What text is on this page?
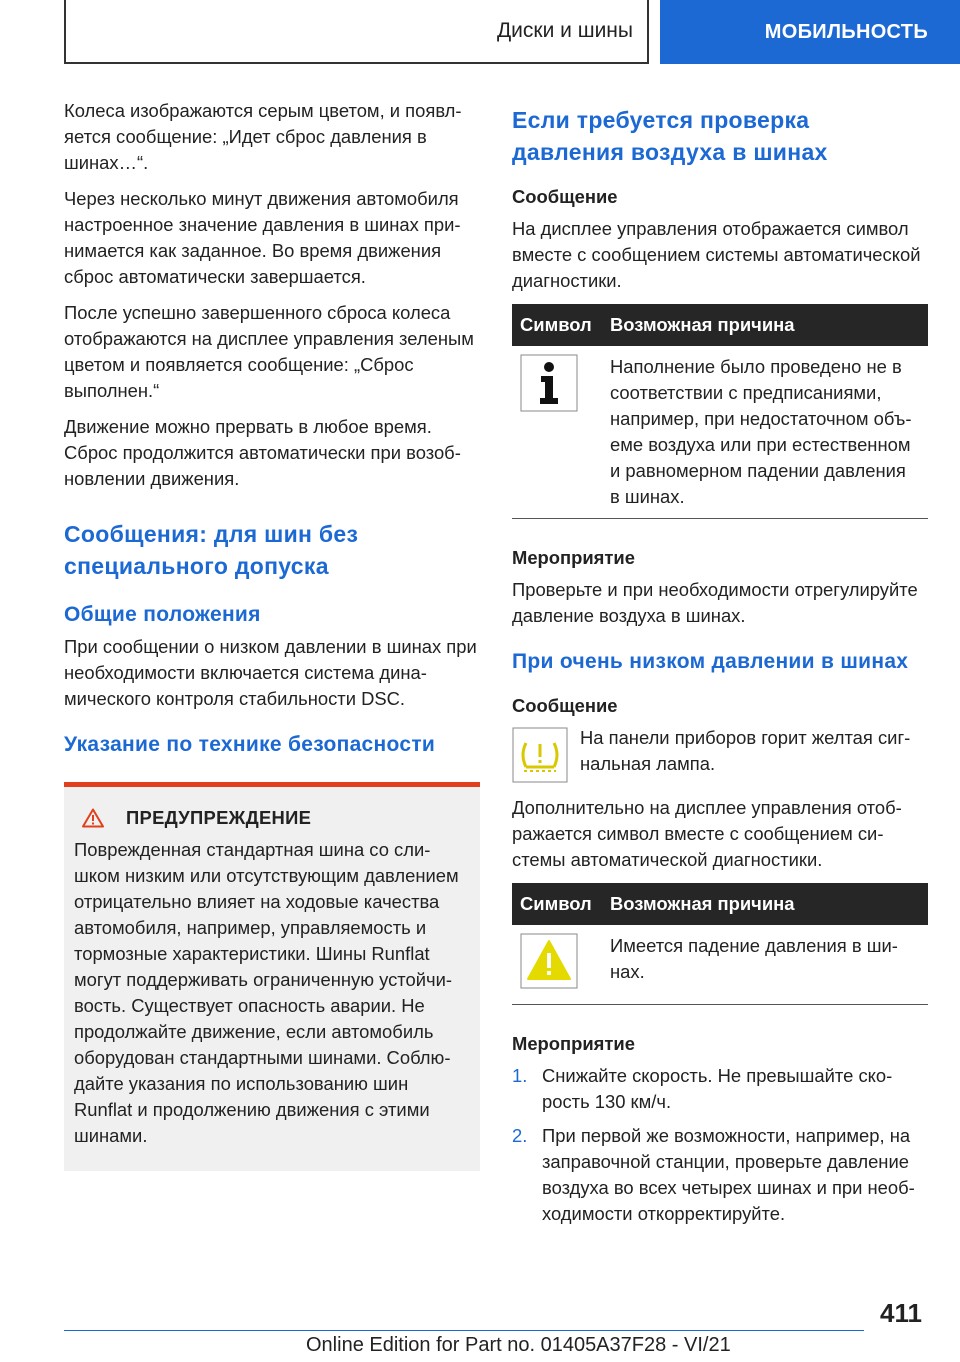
Диски и шины	МОБИЛЬНОСТЬ

Колеса изображаются серым цветом, и появляется сообщение: „Идет сброс давления в шинах…“.

Через несколько минут движения автомобиля настроенное значение давления в шинах принимается как заданное. Во время движения сброс автоматически завершается.

После успешно завершенного сброса колеса отображаются на дисплее управления зеленым цветом и появляется сообщение: „Сброс выполнен.“

Движение можно прервать в любое время. Сброс продолжится автоматически при возобновлении движения.

Сообщения: для шин без специального допуска
Общие положения

При сообщении о низком давлении в шинах при необходимости включается система динамического контроля стабильности DSC.

Указание по технике безопасности
ПРЕДУПРЕЖДЕНИЕ

Поврежденная стандартная шина со слишком низким или отсутствующим давлением отрицательно влияет на ходовые качества автомобиля, например, управляемость и тормозные характеристики. Шины Runflat могут поддерживать ограниченную устойчивость. Существует опасность аварии. Не продолжайте движение, если автомобиль оборудован стандартными шинами. Соблюдайте указания по использованию шин Runflat и продолжению движения с этими шинами.

Если требуется проверка давления воздуха в шинах
Сообщение

На дисплее управления отображается символ вместе с сообщением системы автоматической диагностики.

Символ	Возможная причина
	Наполнение было проведено не в соответствии с предписаниями, например, при недостаточном объеме воздуха или при естественном и равномерном падении давления в шинах.
Мероприятие

Проверьте и при необходимости отрегулируйте давление воздуха в шинах.

При очень низком давлении в шинах
Сообщение

На панели приборов горит желтая сигнальная лампа.

Дополнительно на дисплее управления отображается символ вместе с сообщением системы автоматической диагностики.

Символ	Возможная причина
	Имеется падение давления в шинах.
Мероприятие
1. Снижайте скорость. Не превышайте скорость 130 км/ч.
2. При первой же возможности, например, на заправочной станции, проверьте давление воздуха во всех четырех шинах и при необходимости откорректируйте.
411
Online Edition for Part no. 01405A37F28 - VI/21
